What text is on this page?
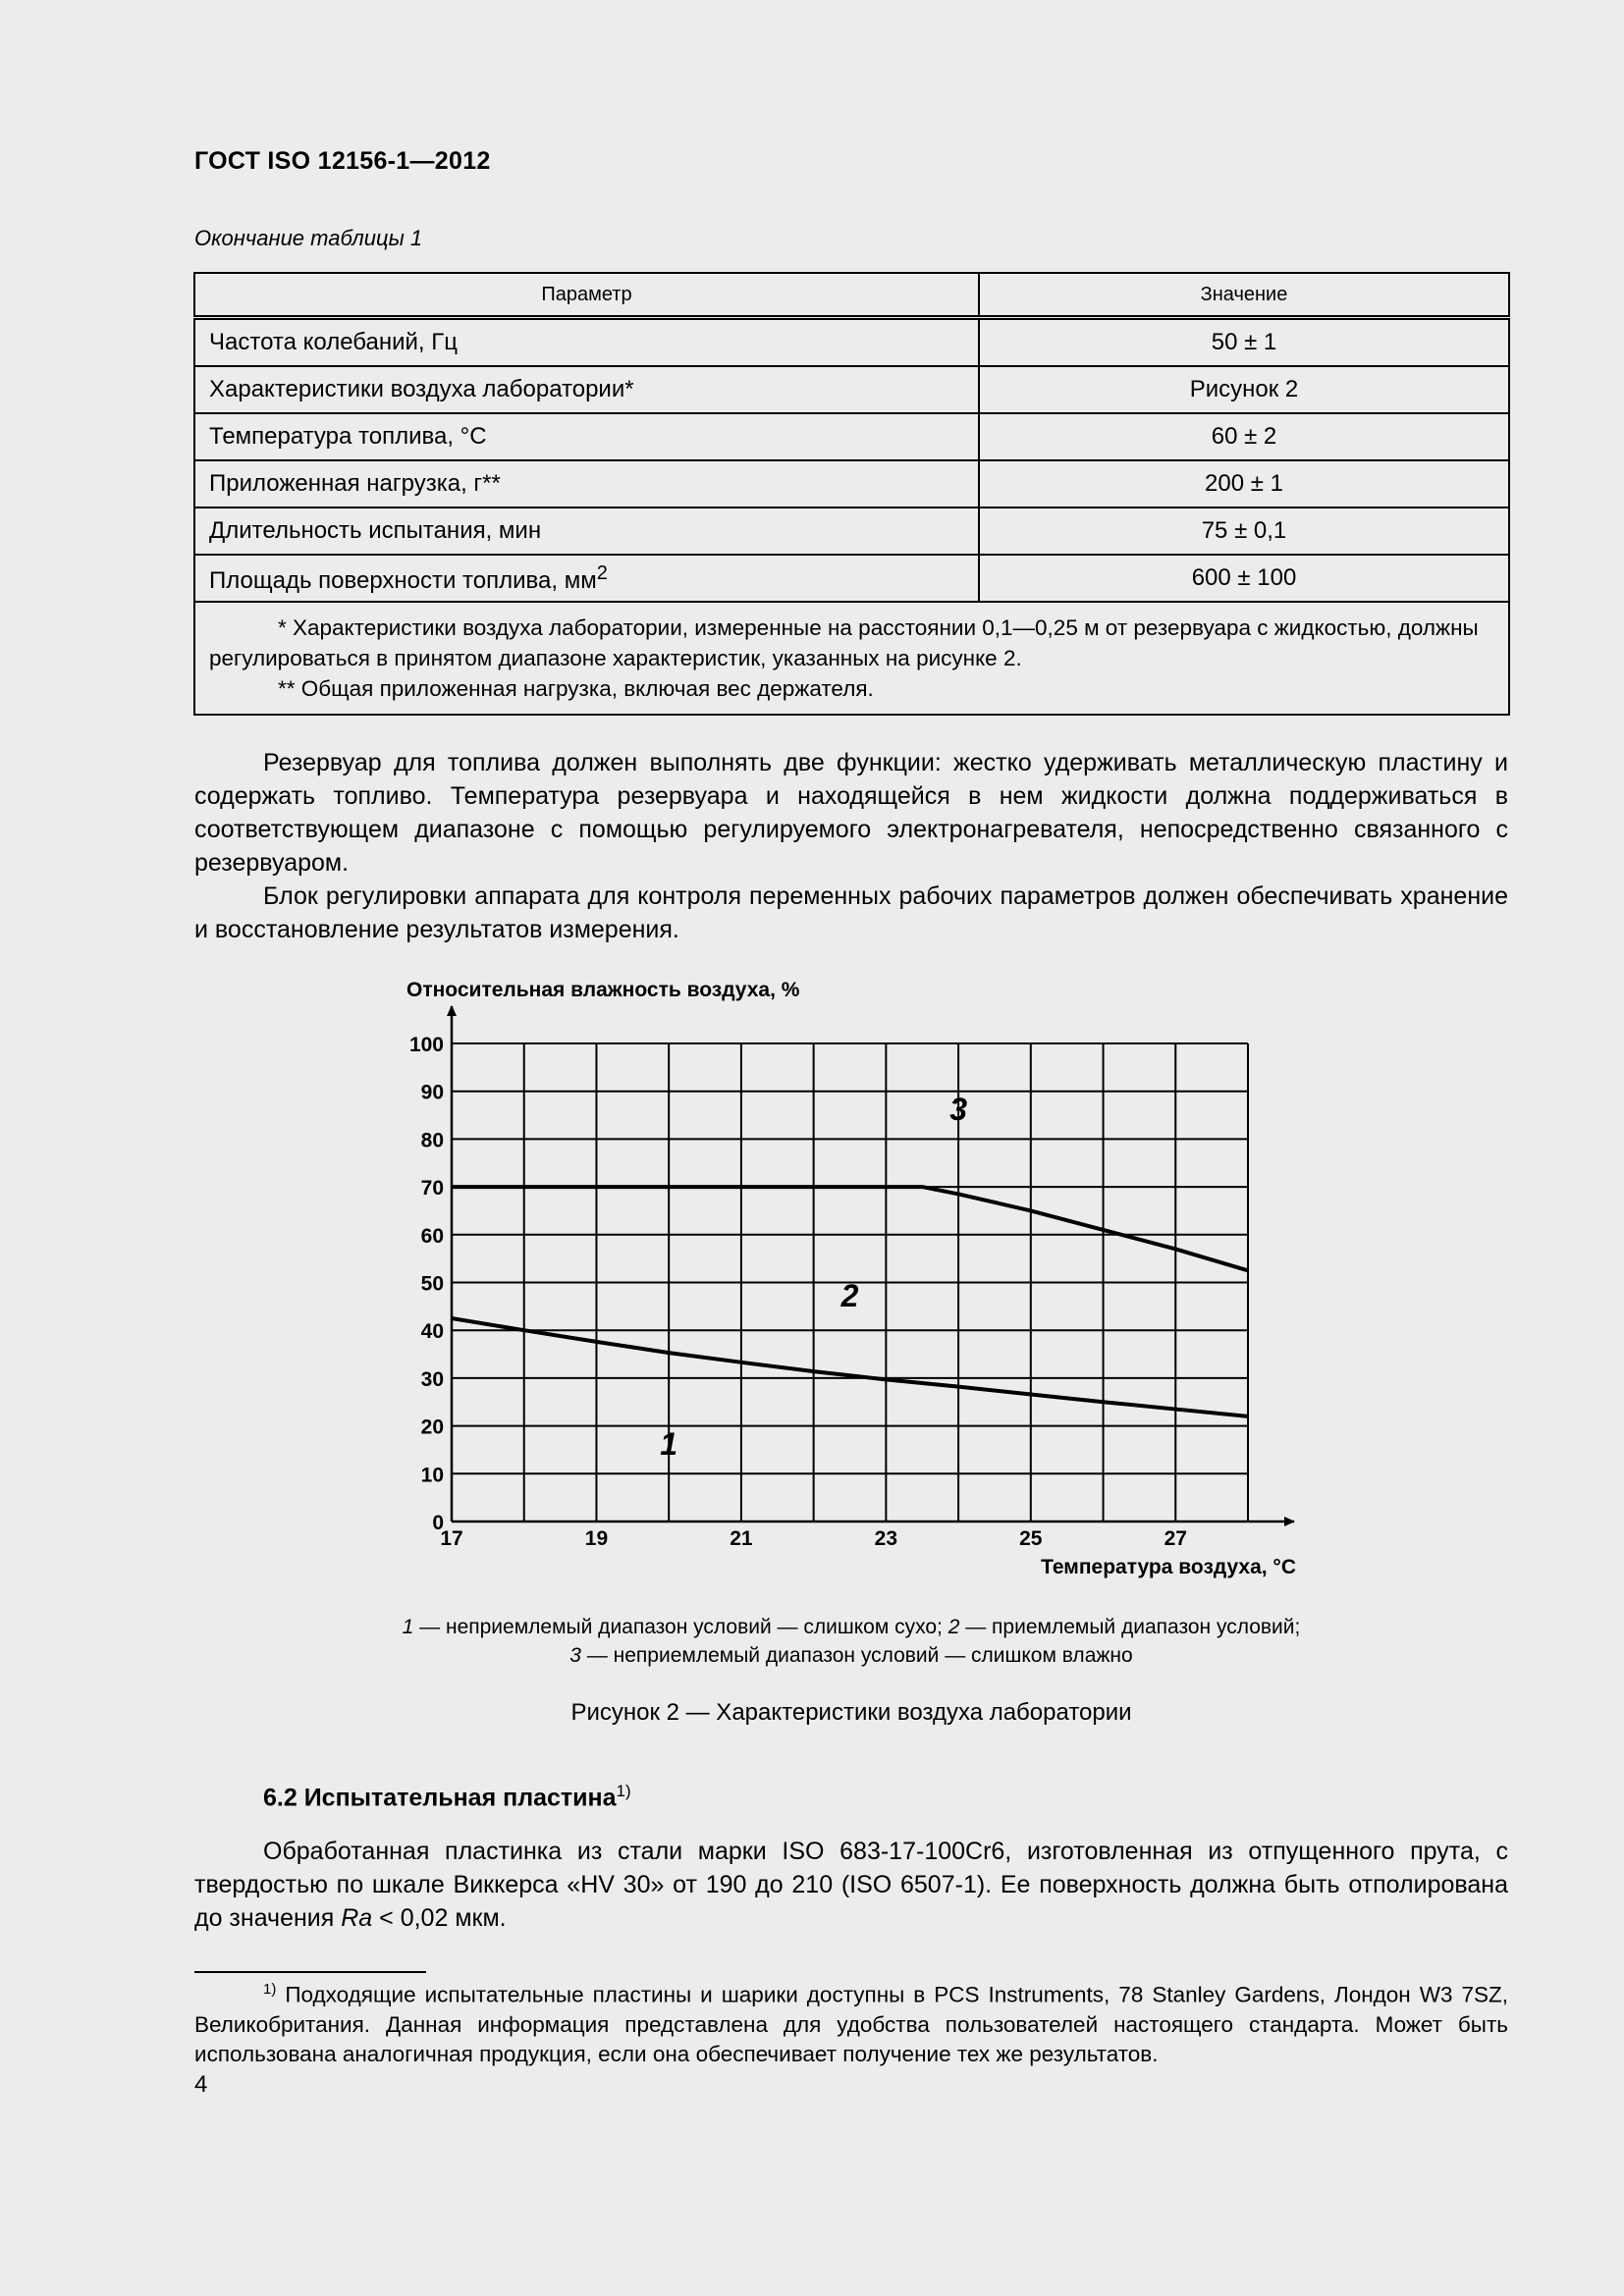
ГОСТ ISO 12156-1—2012
Окончание таблицы 1
Параметр	Значение
Частота колебаний, Гц	50 ± 1
Характеристики воздуха лаборатории*	Рисунок 2
Температура топлива, °С	60 ± 2
Приложенная нагрузка, г**	200 ± 1
Длительность испытания, мин	75 ± 0,1
Площадь поверхности топлива, $мм^2$	600 ± 100

* Характеристики воздуха лаборатории, измеренные на расстоянии 0,1—0,25 м от резервуара с жидкостью, должны регулироваться в принятом диапазоне характеристик, указанных на рисунке 2.
** Общая приложенная нагрузка, включая вес держателя.	
Резервуар для топлива должен выполнять две функции: жестко удерживать металлическую пластину и содержать топливо. Температура резервуара и находящейся в нем жидкости должна поддерживаться в соответствующем диапазоне с помощью регулируемого электронагревателя, непосредственно связанного с резервуаром.
Блок регулировки аппарата для контроля переменных рабочих параметров должен обеспечивать хранение и восстановление результатов измерения.
0
10
20
30
40
50
60
70
80
90
100
17	19	21	23	25	27
1
2
3
Относительная влажность воздуха, %
Температура воздуха, °С
1 — неприемлемый диапазон условий — слишком сухо; 2 — приемлемый диапазон условий;
3 — неприемлемый диапазон условий — слишком влажно
Рисунок 2 — Характеристики воздуха лаборатории
6.2 Испытательная пластина$^{1)}$
Обработанная пластинка из стали марки ISO 683-17-100Cr6, изготовленная из отпущенного прута, с твердостью по шкале Виккерса «HV 30» от 190 до 210 (ISO 6507-1). Ее поверхность должна быть отполирована до значения Ra < 0,02 мкм.
$^{1)}$ Подходящие испытательные пластины и шарики доступны в PCS Instruments, 78 Stanley Gardens, Лондон W3 7SZ, Великобритания. Данная информация представлена для удобства пользователей настоящего стандарта. Может быть использована аналогичная продукция, если она обеспечивает получение тех же результатов.
4
